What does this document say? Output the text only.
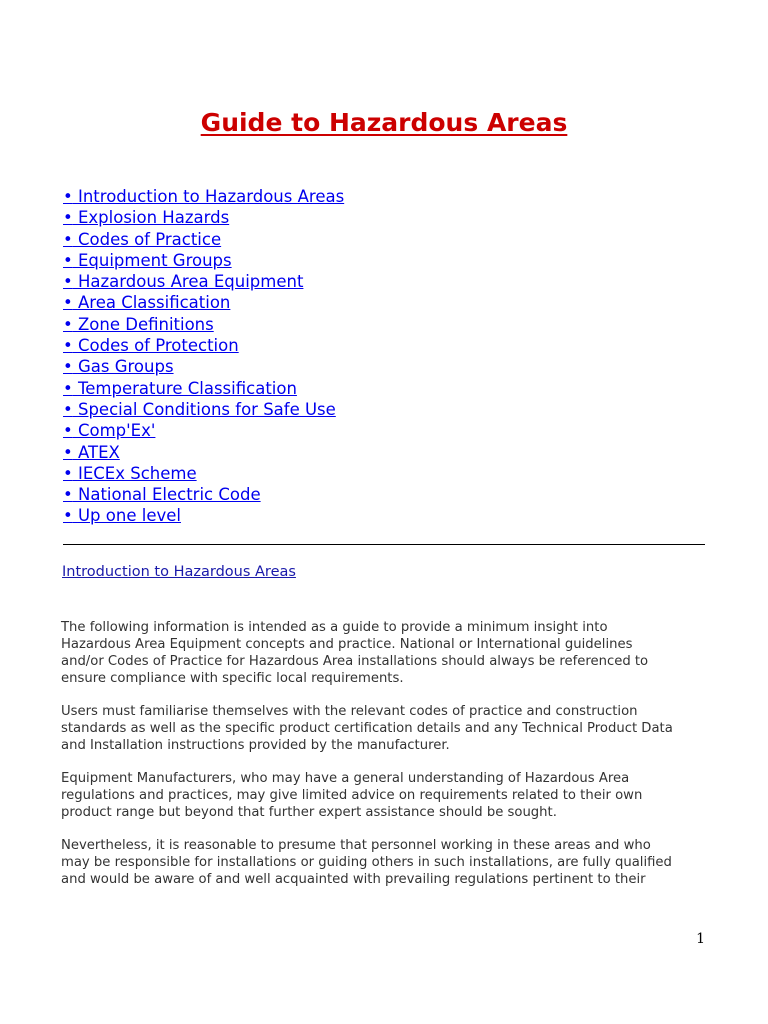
Guide to Hazardous Areas
• Introduction to Hazardous Areas
• Explosion Hazards
• Codes of Practice
• Equipment Groups
• Hazardous Area Equipment
• Area Classification
• Zone Definitions
• Codes of Protection
• Gas Groups
• Temperature Classification
• Special Conditions for Safe Use
• Comp'Ex'
• ATEX
• IECEx Scheme
• National Electric Code
• Up one level
Introduction to Hazardous Areas

The following information is intended as a guide to provide a minimum insight into
Hazardous Area Equipment concepts and practice. National or International guidelines
and/or Codes of Practice for Hazardous Area installations should always be referenced to
ensure compliance with specific local requirements.

Users must familiarise themselves with the relevant codes of practice and construction
standards as well as the specific product certification details and any Technical Product Data
and Installation instructions provided by the manufacturer.

Equipment Manufacturers, who may have a general understanding of Hazardous Area
regulations and practices, may give limited advice on requirements related to their own
product range but beyond that further expert assistance should be sought.

Nevertheless, it is reasonable to presume that personnel working in these areas and who
may be responsible for installations or guiding others in such installations, are fully qualified
and would be aware of and well acquainted with prevailing regulations pertinent to their

1
